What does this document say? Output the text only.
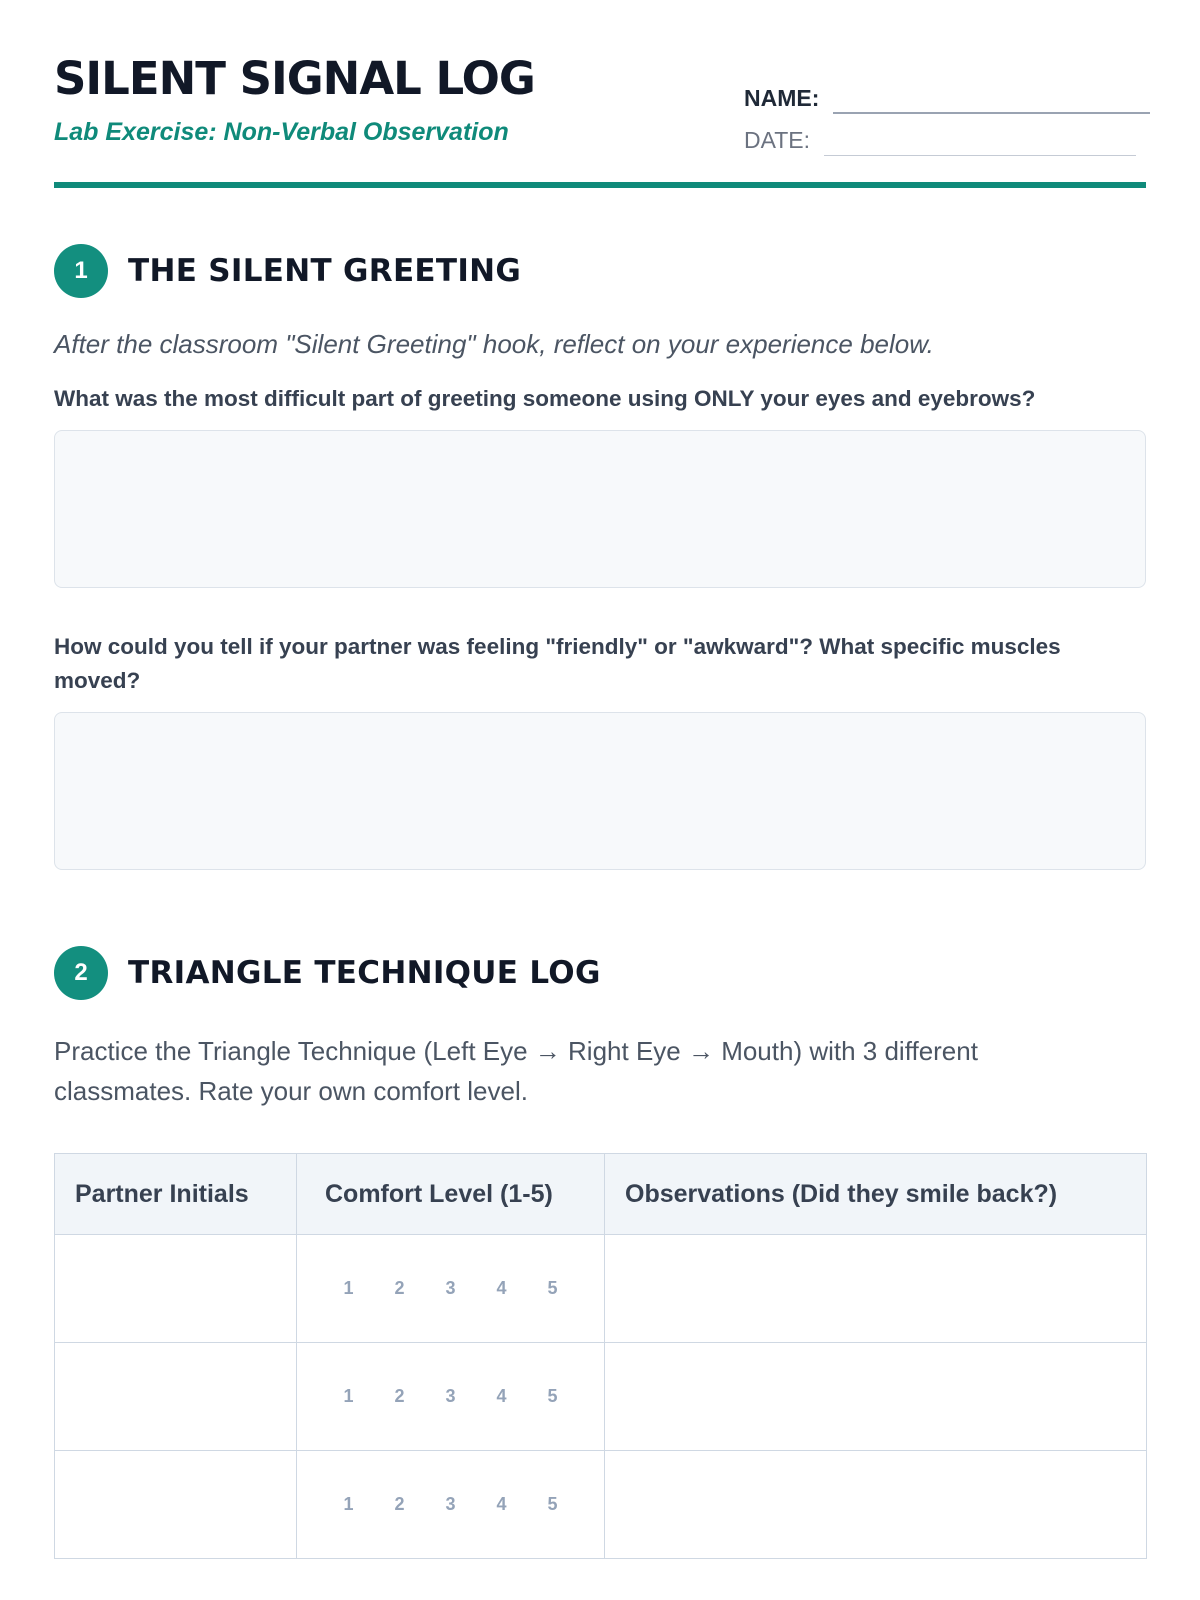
SILENT SIGNAL LOG
Lab Exercise: Non-Verbal Observation
NAME:
DATE:
1	THE SILENT GREETING

After the classroom "Silent Greeting" hook, reflect on your experience below.

What was the most difficult part of greeting someone using ONLY your eyes and eyebrows?

How could you tell if your partner was feeling "friendly" or "awkward"? What specific muscles moved?

2	TRIANGLE TECHNIQUE LOG

Practice the Triangle Technique (Left Eye → Right Eye → Mouth) with 3 different classmates. Rate your own comfort level.

Partner Initials	Comfort Level (1-5)	Observations (Did they smile back?)

	1 2 3 4 5	

	1 2 3 4 5	

	1 2 3 4 5	
